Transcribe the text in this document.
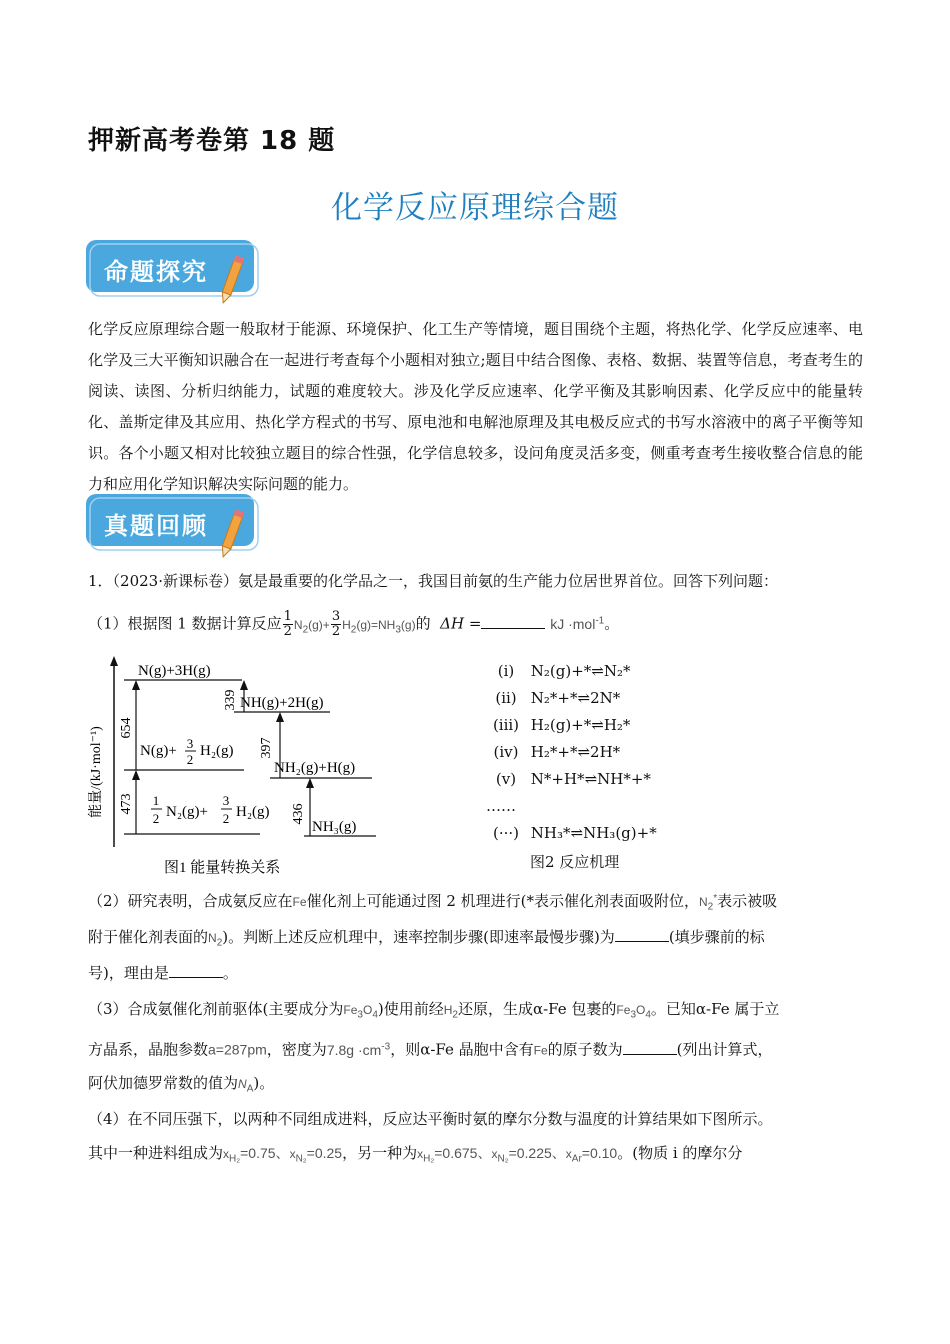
押新高考卷第 18 题
化学反应原理综合题
命题探究
化学反应原理综合题一般取材于能源、环境保护、化工生产等情境，题目围绕个主题，将热化学、化学反应速率、电化学及三大平衡知识融合在一起进行考查每个小题相对独立;题目中结合图像、表格、数据、装置等信息，考查考生的阅读、读图、分析归纳能力，试题的难度较大。涉及化学反应速率、化学平衡及其影响因素、化学反应中的能量转化、盖斯定律及其应用、热化学方程式的书写、原电池和电解池原理及其电极反应式的书写水溶液中的离子平衡等知识。各个小题又相对比较独立题目的综合性强，化学信息较多，设问角度灵活多变，侧重考查考生接收整合信息的能力和应用化学知识解决实际问题的能力。
真题回顾
1．（2023·新课标卷）氨是最重要的化学品之一，我国目前氨的生产能力位居世界首位。回答下列问题：
（1）根据图 1 数据计算反应 $\frac{1}{2} N_2(g)+ \frac{3}{2} H_2(g)=NH_3(g)$的 ΔH =	kJ ·mol$^{-1}$。
能量/(kJ·mol⁻¹)
N(g)+3H(g)
NH(g)+2H(g)
N(g)+ 3
2
H₂(g)
NH₂(g)+H(g)
1
2 N₂(g)+
3
2 H₂(g)
NH₃(g)
654
473
339
397
436
图1 能量转换关系
(i) N₂(g)+*⇌N₂*
(ii) N₂*+*⇌2N*
(iii) H₂(g)+*⇌H₂*
(iv) H₂*+*⇌2H*
(v) N*+H*⇌NH*+*
……
(···) NH₃*⇌NH₃(g)+*
图2 反应机理
（2）研究表明，合成氨反应在Fe催化剂上可能通过图 2 机理进行(*表示催化剂表面吸附位，$N_2^*$表示被吸
附于催化剂表面的$N_2$)。判断上述反应机理中，速率控制步骤(即速率最慢步骤)为	(填步骤前的标
号)，理由是	。
（3）合成氨催化剂前驱体(主要成分为$Fe_3O_4$)使用前经$H_2$还原，生成α-Fe 包裹的$Fe_3O_4$。已知α-Fe 属于立
方晶系，晶胞参数a=287pm，密度为$7.8g \cdot cm^{-3}$，则α-Fe 晶胞中含有Fe的原子数为	(列出计算式，
阿伏加德罗常数的值为$N_A$)。
（4）在不同压强下，以两种不同组成进料，反应达平衡时氨的摩尔分数与温度的计算结果如下图所示。
其中一种进料组成为$x_{H_2}=0.75$、$x_{N_2}=0.25$，另一种为$x_{H_2}=0.675$、$x_{N_2}=0.225$、$x_{Ar}=0.10$。(物质 i 的摩尔分
